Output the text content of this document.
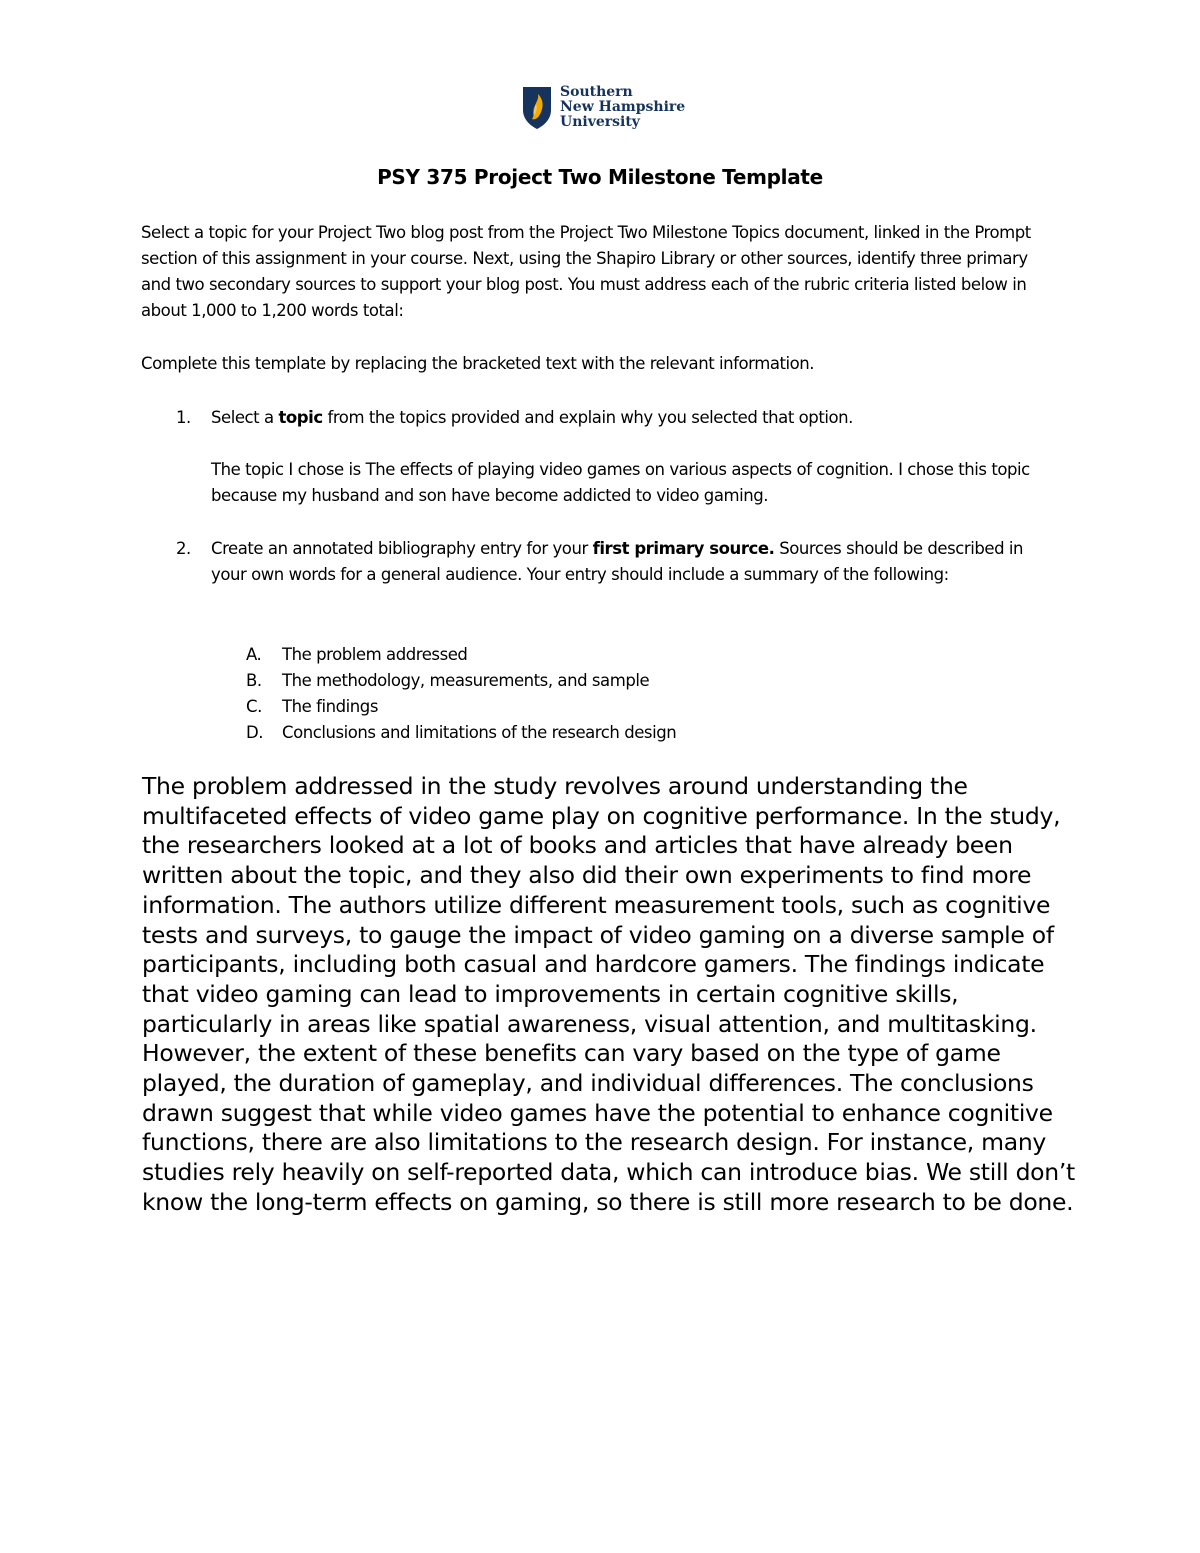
Southern
New Hampshire
University
PSY 375 Project Two Milestone Template
Select a topic for your Project Two blog post from the Project Two Milestone Topics document, linked in the Prompt section of this assignment in your course. Next, using the Shapiro Library or other sources, identify three primary and two secondary sources to support your blog post. You must address each of the rubric criteria listed below in about 1,000 to 1,200 words total:
Complete this template by replacing the bracketed text with the relevant information.
1. Select a topic from the topics provided and explain why you selected that option.
The topic I chose is The effects of playing video games on various aspects of cognition. I chose this topic because my husband and son have become addicted to video gaming.
2. Create an annotated bibliography entry for your first primary source. Sources should be described in your own words for a general audience. Your entry should include a summary of the following:
A. The problem addressed
B. The methodology, measurements, and sample
C. The findings
D. Conclusions and limitations of the research design
The problem addressed in the study revolves around understanding the multifaceted effects of video game play on cognitive performance. In the study, the researchers looked at a lot of books and articles that have already been written about the topic, and they also did their own experiments to find more information. The authors utilize different measurement tools, such as cognitive tests and surveys, to gauge the impact of video gaming on a diverse sample of participants, including both casual and hardcore gamers. The findings indicate that video gaming can lead to improvements in certain cognitive skills, particularly in areas like spatial awareness, visual attention, and multitasking. However, the extent of these benefits can vary based on the type of game played, the duration of gameplay, and individual differences. The conclusions drawn suggest that while video games have the potential to enhance cognitive functions, there are also limitations to the research design. For instance, many studies rely heavily on self-reported data, which can introduce bias. We still don’t know the long-term effects on gaming, so there is still more research to be done.
